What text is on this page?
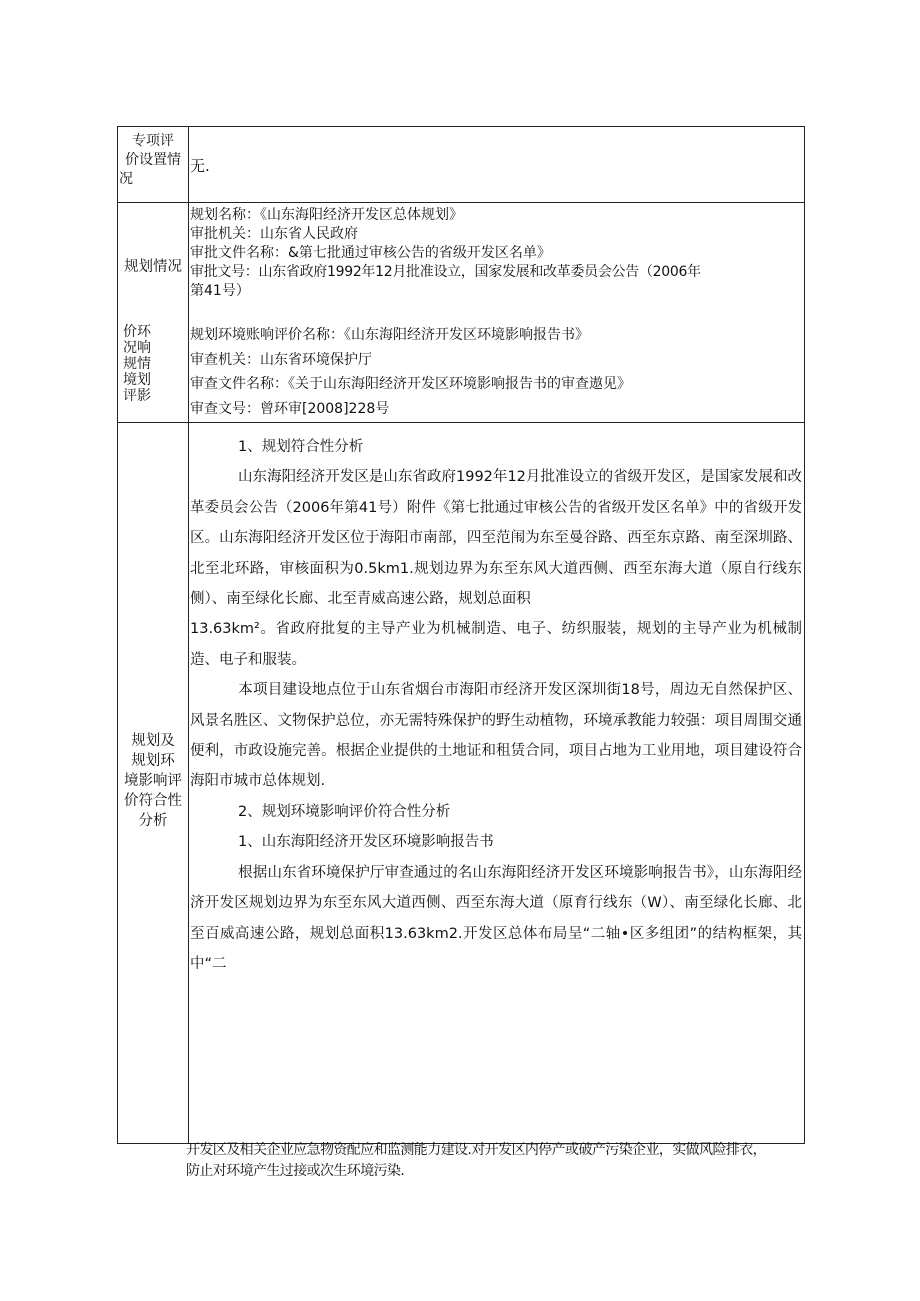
专项评
价设置情
况
无.
规划情况
规划名称：《山东海阳经济开发区总体规划》
审批机关：山东省人民政府
审批文件名称：&第七批通过审核公告的省级开发区名单》
审批文号：山东省政府1992年12月批准设立，国家发展和改革委员会公告（2006年
第41号）
价环
况响
规情
境划
评影
规划环境账响评价名称：《山东海阳经济开发区环境影响报告书》
审查机关：山东省环境保护厅
审查文件名称：《关于山东海阳经济开发区环境影响报告书的审查遨见》
审查文号：曾环审[2008]228号
规划及
规划环
境影响评
价符合性
分析
1、规划符合性分析

山东海阳经济开发区是山东省政府1992年12月批准设立的省级开发区，是国家发展和改革委员会公告（2006年第41号）附件《第七批通过审核公告的省级开发区名单》中的省级开发区。山东海阳经济开发区位于海阳市南部，四至范闱为东至曼谷路、西至东京路、南至深圳路、北至北环路，审核面积为0.5km1.规划边界为东至东风大道西侧、西至东海大道（原自行线东侧）、南至绿化长廊、北至青威高速公路，规划总面积

13.63km²。省政府批复的主导产业为机械制造、电子、纺织服装，规划的主导产业为机械制造、电子和服装。

本项目建设地点位于山东省烟台市海阳市经济开发区深圳街18号，周边无自然保护区、风景名胜区、文物保护总位，亦无需特殊保护的野生动植物，环境承教能力较强：项目周围交通便利，市政设施完善。根据企业提供的土地证和租赁合同，项目占地为工业用地，项目建设符合海阳市城市总体规划.

2、规划环境影响评价符合性分析
1、山东海阳经济开发区环境影响报告书

根据山东省环境保护厅审查通过的名山东海阳经济开发区环境影响报告书》，山东海阳经济开发区规划边界为东至东风大道西侧、西至东海大道（原育行线东（W）、南至绿化长廊、北至百威高速公路，规划总面积13.63km2.开发区总体布局呈“二轴•区多组团”的结构框架，其中“二

开发区及相关企业应急物资配应和监测能力建设.对开发区内停产或破产污染企业，实做风险排衣，
防止对环境产生过接或次生环境污染.
